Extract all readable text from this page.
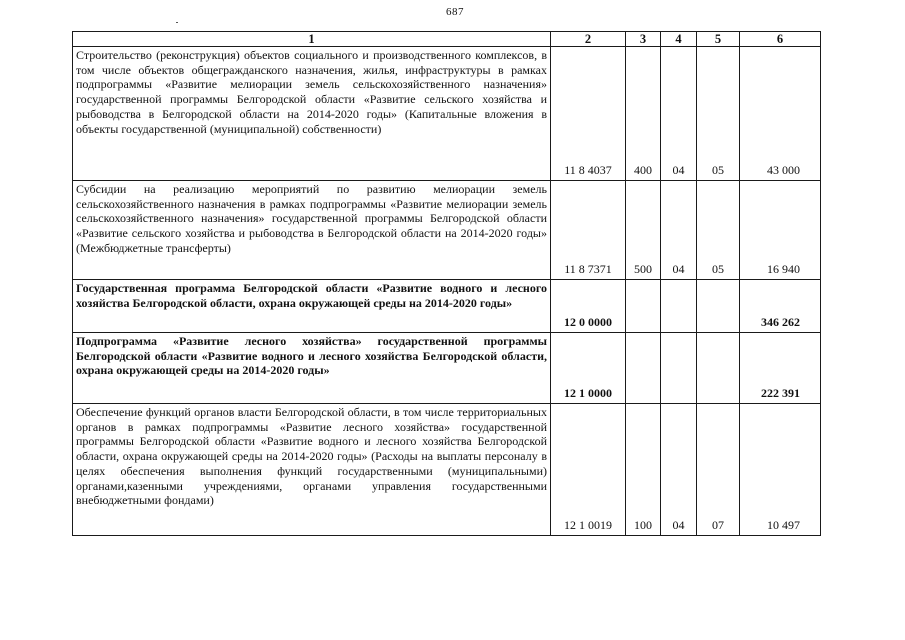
687
1	2	3	4	5	6
Строительство (реконструкция) объектов социального и производственного комплексов, в том числе объектов общегражданского назначения, жилья, инфраструктуры в рамках подпрограммы «Развитие мелиорации земель сельскохозяйственного назначения» государственной программы Белгородской области «Развитие сельского хозяйства и рыбоводства в Белгородской области на 2014-2020 годы» (Капитальные вложения в объекты государственной (муниципальной) собственности)	11 8 4037	400	04	05	43 000
Субсидии на реализацию мероприятий по развитию мелиорации земель сельскохозяйственного назначения в рамках подпрограммы «Развитие мелиорации земель сельскохозяйственного назначения» государственной программы Белгородской области «Развитие сельского хозяйства и рыбоводства в Белгородской области на 2014-2020 годы» (Межбюджетные трансферты)	11 8 7371	500	04	05	16 940
Государственная программа Белгородской области «Развитие водного и лесного хозяйства Белгородской области, охрана окружающей среды на 2014-2020 годы»	12 0 0000				346 262
Подпрограмма «Развитие лесного хозяйства» государственной программы Белгородской области «Развитие водного и лесного хозяйства Белгородской области, охрана окружающей среды на 2014-2020 годы»	12 1 0000				222 391
Обеспечение функций органов власти Белгородской области, в том числе территориальных органов в рамках подпрограммы «Развитие лесного хозяйства» государственной программы Белгородской области «Развитие водного и лесного хозяйства Белгородской области, охрана окружающей среды на 2014-2020 годы» (Расходы на выплаты персоналу в целях обеспечения выполнения функций государственными (муниципальными) органами,казенными учреждениями, органами управления государственными внебюджетными фондами)	12 1 0019	100	04	07	10 497
